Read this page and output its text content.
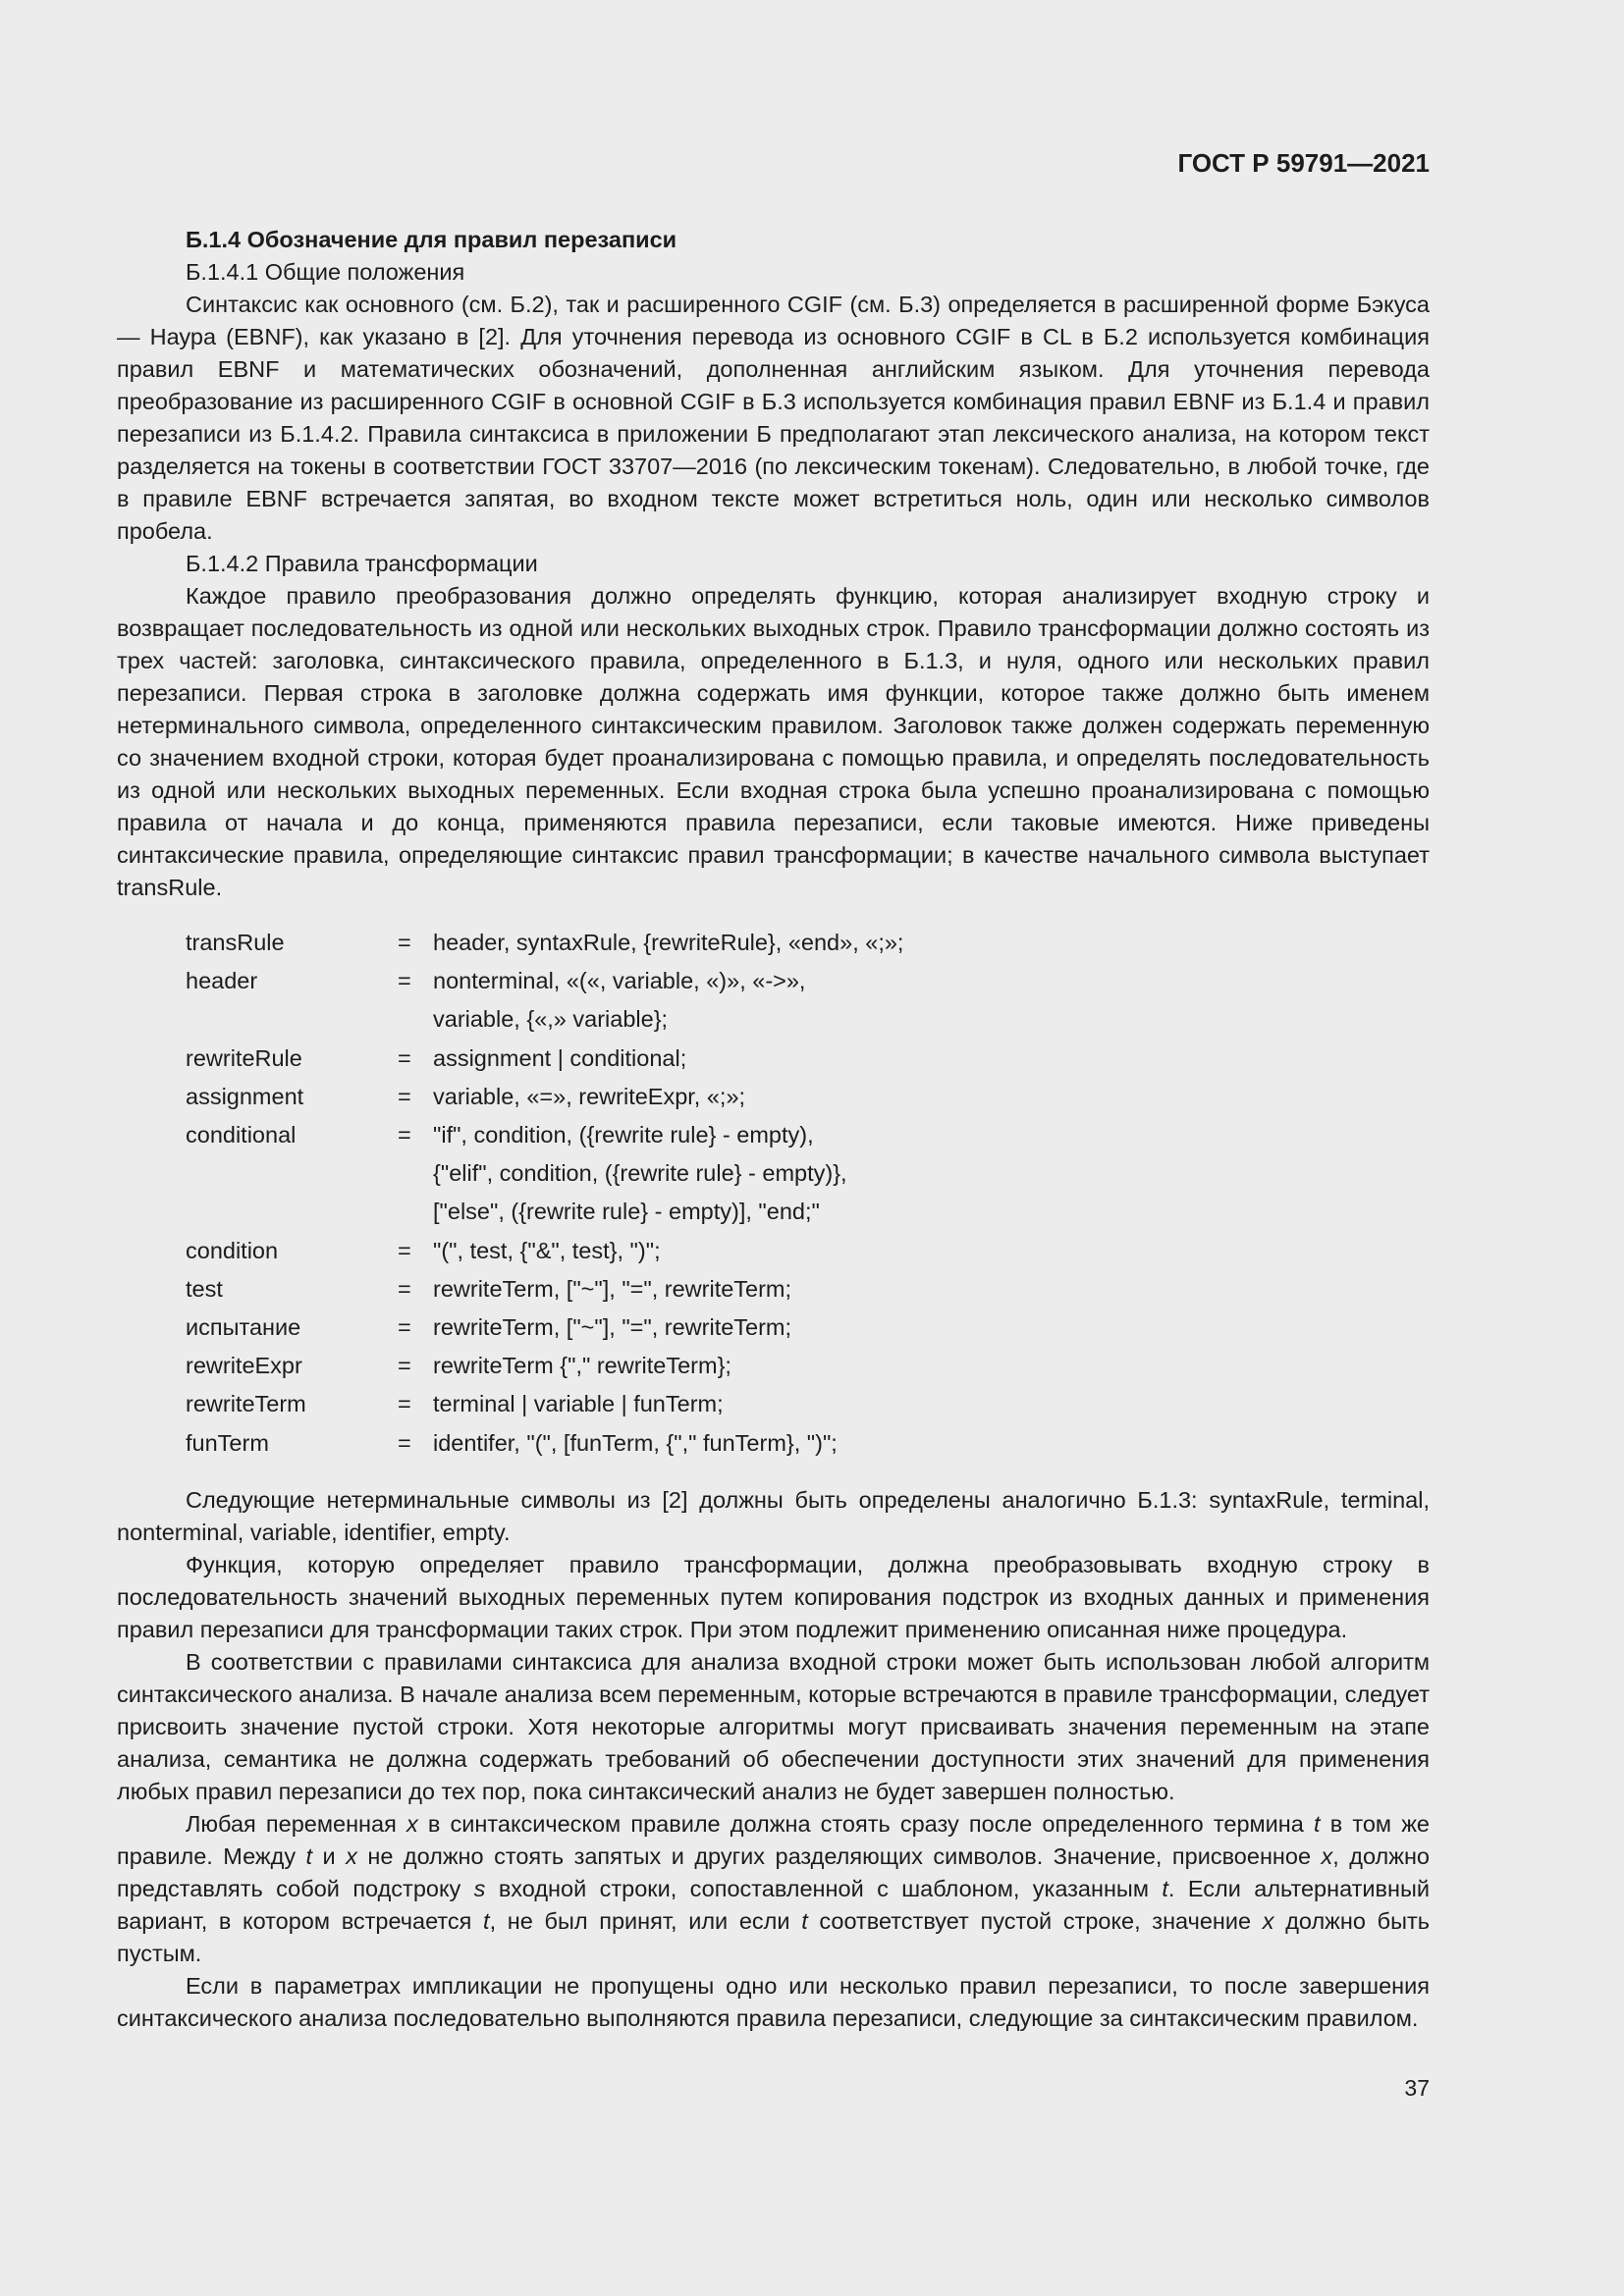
ГОСТ Р 59791—2021

Б.1.4 Обозначение для правил перезаписи

Б.1.4.1 Общие положения

Синтаксис как основного (см. Б.2), так и расширенного CGIF (см. Б.3) определяется в расширенной форме Бэкуса — Наура (EBNF), как указано в [2]. Для уточнения перевода из основного CGIF в CL в Б.2 используется комбинация правил EBNF и математических обозначений, дополненная английским языком. Для уточнения перевода преобразование из расширенного CGIF в основной CGIF в Б.3 используется комбинация правил EBNF из Б.1.4 и правил перезаписи из Б.1.4.2. Правила синтаксиса в приложении Б предполагают этап лексического анализа, на котором текст разделяется на токены в соответствии ГОСТ 33707—2016 (по лексическим токенам). Следовательно, в любой точке, где в правиле EBNF встречается запятая, во входном тексте может встретиться ноль, один или несколько символов пробела.

Б.1.4.2 Правила трансформации

Каждое правило преобразования должно определять функцию, которая анализирует входную строку и возвращает последовательность из одной или нескольких выходных строк. Правило трансформации должно состоять из трех частей: заголовка, синтаксического правила, определенного в Б.1.3, и нуля, одного или нескольких правил перезаписи. Первая строка в заголовке должна содержать имя функции, которое также должно быть именем нетерминального символа, определенного синтаксическим правилом. Заголовок также должен содержать переменную со значением входной строки, которая будет проанализирована с помощью правила, и определять последовательность из одной или нескольких выходных переменных. Если входная строка была успешно проанализирована с помощью правила от начала и до конца, применяются правила перезаписи, если таковые имеются. Ниже приведены синтаксические правила, определяющие синтаксис правил трансформации; в качестве начального символа выступает transRule.

transRule	= header, syntaxRule, {rewriteRule}, «end», «;»;
header	= nonterminal, «(«, variable, «)», «->»,
variable, {«,» variable};
rewriteRule	= assignment | conditional;
assignment	= variable, «=», rewriteExpr, «;»;
conditional	= "if", condition, ({rewrite rule} - empty),
{"elif", condition, ({rewrite rule} - empty)},
["else", ({rewrite rule} - empty)], "end;"
condition	= "(", test, {"&", test}, ")";
test	= rewriteTerm, ["~"], "=", rewriteTerm;
испытание	= rewriteTerm, ["~"], "=", rewriteTerm;
rewriteExpr	= rewriteTerm {"," rewriteTerm};
rewriteTerm	= terminal | variable | funTerm;
funTerm	= identifer, "(", [funTerm, {"," funTerm}, ")";

Следующие нетерминальные символы из [2] должны быть определены аналогично Б.1.3: syntaxRule, terminal, nonterminal, variable, identifier, empty.

Функция, которую определяет правило трансформации, должна преобразовывать входную строку в последовательность значений выходных переменных путем копирования подстрок из входных данных и применения правил перезаписи для трансформации таких строк. При этом подлежит применению описанная ниже процедура.

В соответствии с правилами синтаксиса для анализа входной строки может быть использован любой алгоритм синтаксического анализа. В начале анализа всем переменным, которые встречаются в правиле трансформации, следует присвоить значение пустой строки. Хотя некоторые алгоритмы могут присваивать значения переменным на этапе анализа, семантика не должна содержать требований об обеспечении доступности этих значений для применения любых правил перезаписи до тех пор, пока синтаксический анализ не будет завершен полностью.

Любая переменная x в синтаксическом правиле должна стоять сразу после определенного термина t в том же правиле. Между t и x не должно стоять запятых и других разделяющих символов. Значение, присвоенное x, должно представлять собой подстроку s входной строки, сопоставленной с шаблоном, указанным t. Если альтернативный вариант, в котором встречается t, не был принят, или если t соответствует пустой строке, значение x должно быть пустым.

Если в параметрах импликации не пропущены одно или несколько правил перезаписи, то после завершения синтаксического анализа последовательно выполняются правила перезаписи, следующие за синтаксическим правилом.

37
